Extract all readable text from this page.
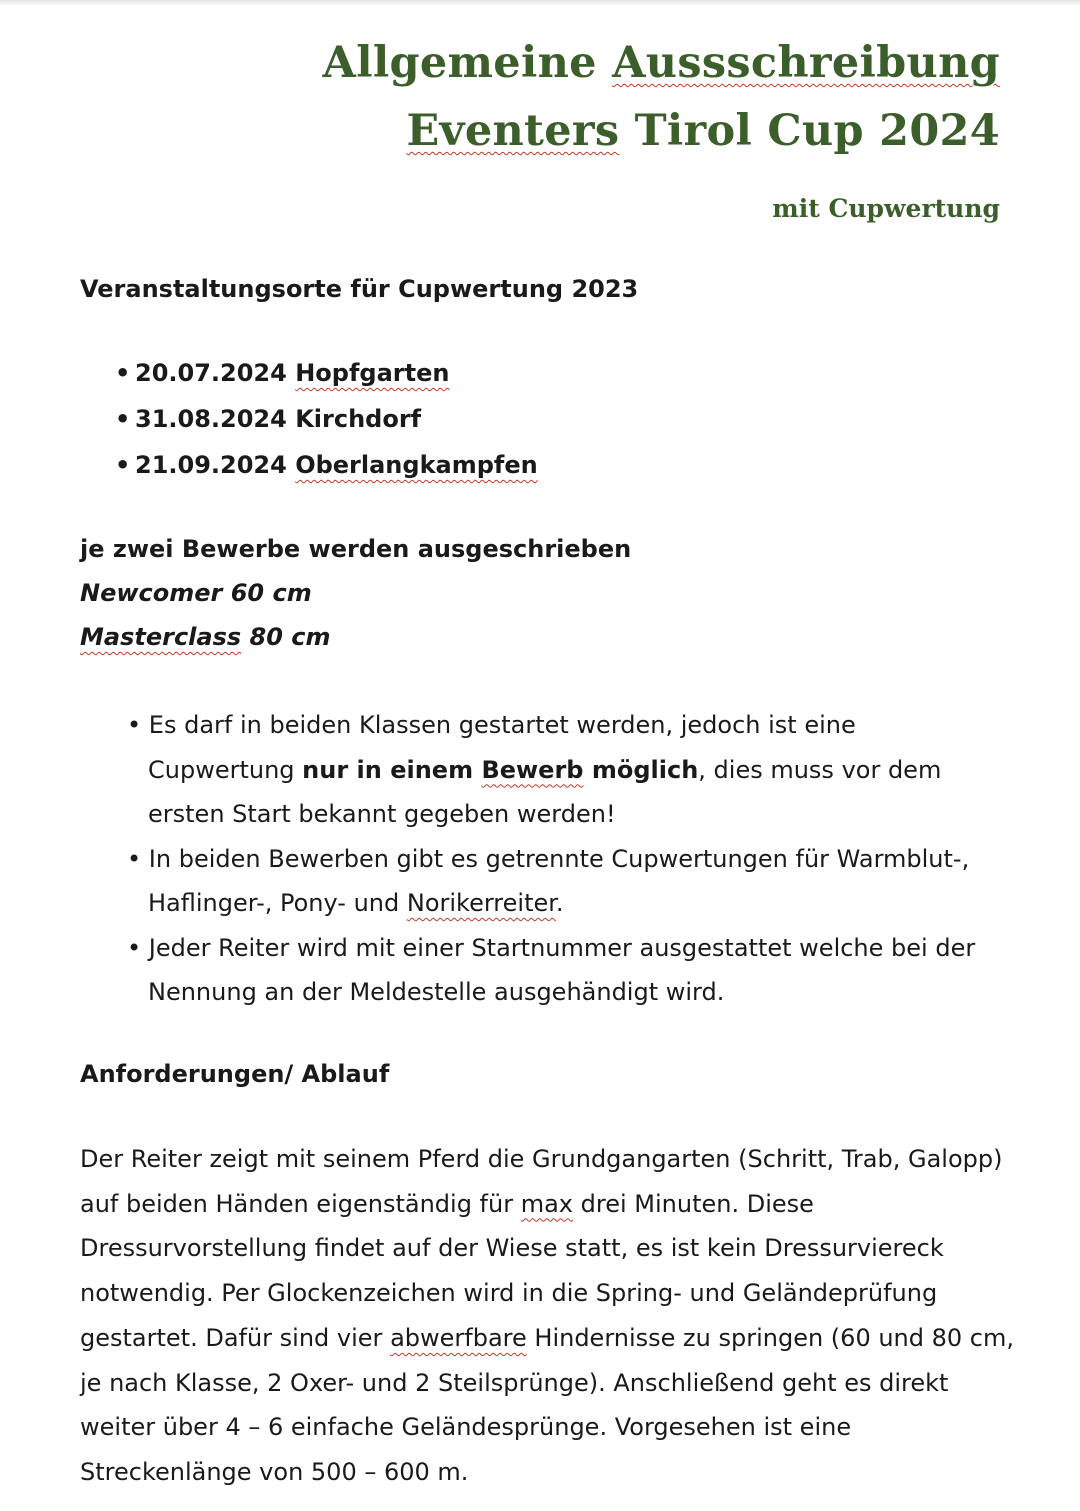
Allgemeine Aussschreibung
Eventers Tirol Cup 2024
mit Cupwertung
Veranstaltungsorte für Cupwertung 2023
• 20.07.2024 Hopfgarten
• 31.08.2024 Kirchdorf
• 21.09.2024 Oberlangkampfen
je zwei Bewerbe werden ausgeschrieben
Newcomer 60 cm
Masterclass 80 cm
• Es darf in beiden Klassen gestartet werden, jedoch ist eine Cupwertung nur in einem Bewerb möglich, dies muss vor dem ersten Start bekannt gegeben werden!
• In beiden Bewerben gibt es getrennte Cupwertungen für Warmblut-, Haflinger-, Pony- und Norikerreiter.
• Jeder Reiter wird mit einer Startnummer ausgestattet welche bei der Nennung an der Meldestelle ausgehändigt wird.
Anforderungen/ Ablauf
Der Reiter zeigt mit seinem Pferd die Grundgangarten (Schritt, Trab, Galopp)
auf beiden Händen eigenständig für max drei Minuten. Diese
Dressurvorstellung findet auf der Wiese statt, es ist kein Dressurviereck
notwendig. Per Glockenzeichen wird in die Spring- und Geländeprüfung
gestartet. Dafür sind vier abwerfbare Hindernisse zu springen (60 und 80 cm,
je nach Klasse, 2 Oxer- und 2 Steilsprünge). Anschließend geht es direkt
weiter über 4 – 6 einfache Geländesprünge. Vorgesehen ist eine
Streckenlänge von 500 – 600 m.
